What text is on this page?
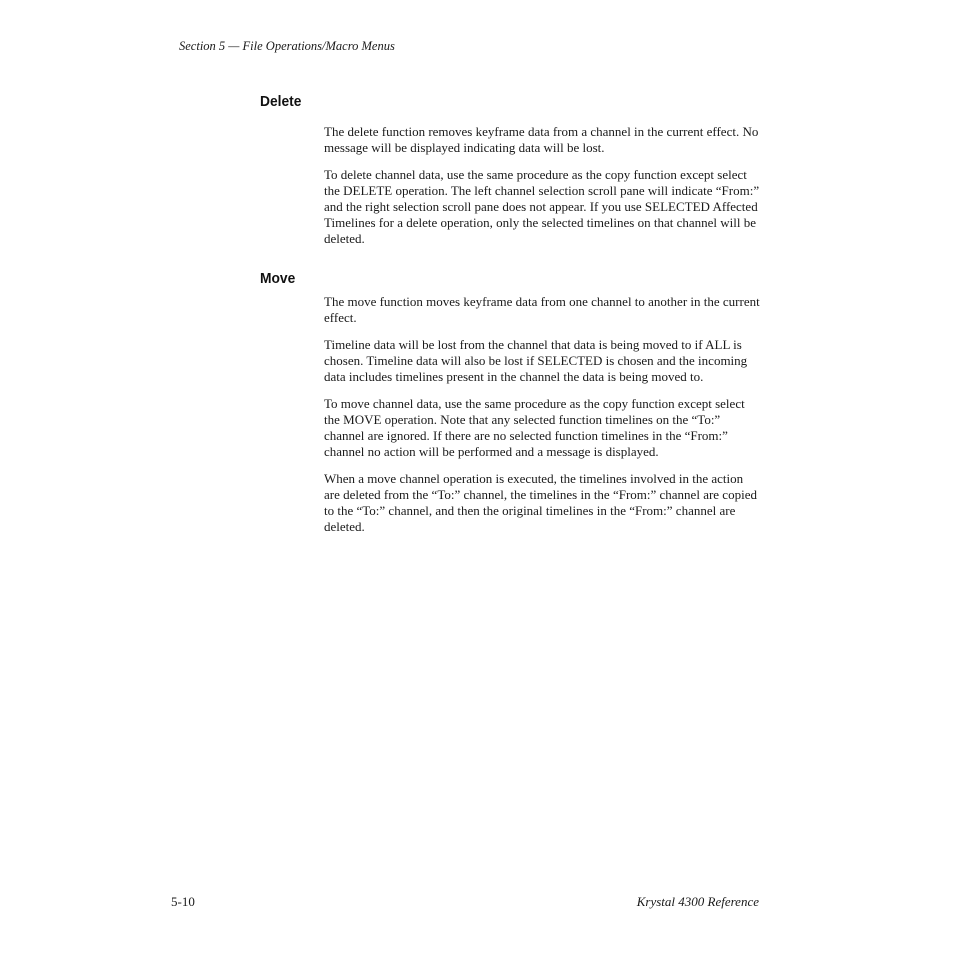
Section 5 — File Operations/Macro Menus
Delete

The delete function removes keyframe data from a channel in the current effect. No message will be displayed indicating data will be lost.

To delete channel data, use the same procedure as the copy function except select the DELETE operation. The left channel selection scroll pane will indicate “From:” and the right selection scroll pane does not appear. If you use SELECTED Affected Timelines for a delete operation, only the selected timelines on that channel will be deleted.

Move

The move function moves keyframe data from one channel to another in the current effect.

Timeline data will be lost from the channel that data is being moved to if ALL is chosen. Timeline data will also be lost if SELECTED is chosen and the incoming data includes timelines present in the channel the data is being moved to.

To move channel data, use the same procedure as the copy function except select the MOVE operation. Note that any selected function timelines on the “To:” channel are ignored. If there are no selected function timelines in the “From:” channel no action will be performed and a message is displayed.

When a move channel operation is executed, the timelines involved in the action are deleted from the “To:” channel, the timelines in the “From:” channel are copied to the “To:” channel, and then the original timelines in the “From:” channel are deleted.

5-10	Krystal 4300 Reference
